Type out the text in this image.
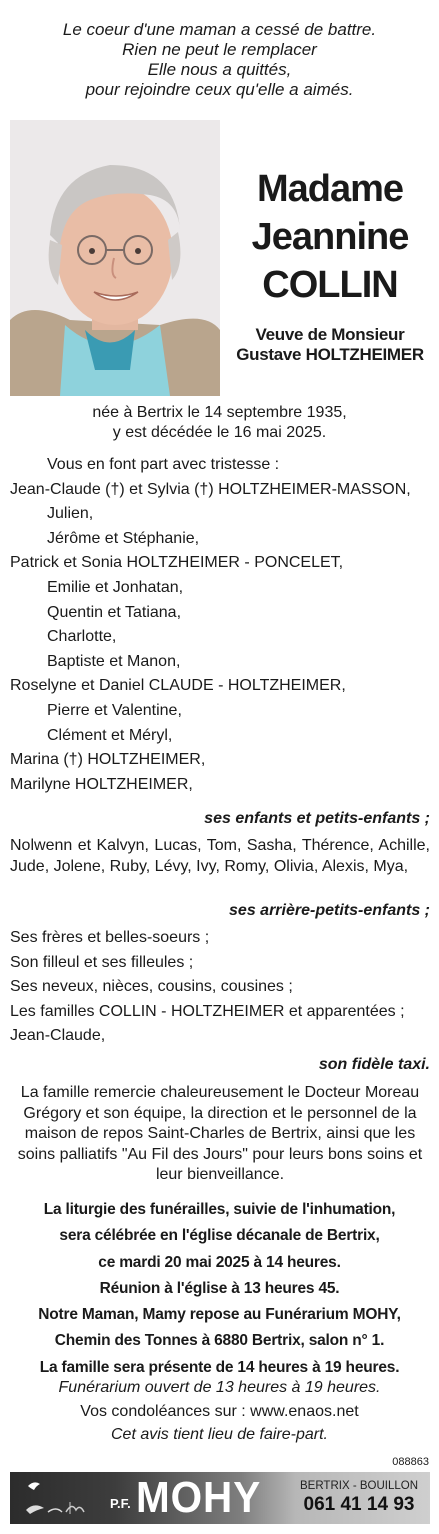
Le coeur d'une maman a cessé de battre.
Rien ne peut le remplacer
Elle nous a quittés,
pour rejoindre ceux qu'elle a aimés.
Madame
Jeannine
COLLIN
Veuve de Monsieur
Gustave HOLTZHEIMER
née à Bertrix le 14 septembre 1935,
y est décédée le 16 mai 2025.
Vous en font part avec tristesse :
Jean-Claude (†) et Sylvia (†) HOLTZHEIMER-MASSON,
Julien,
Jérôme et Stéphanie,
Patrick et Sonia HOLTZHEIMER - PONCELET,
Emilie et Jonhatan,
Quentin et Tatiana,
Charlotte,
Baptiste et Manon,
Roselyne et Daniel CLAUDE - HOLTZHEIMER,
Pierre et Valentine,
Clément et Méryl,
Marina (†) HOLTZHEIMER,
Marilyne HOLTZHEIMER,
ses enfants et petits-enfants ;
Nolwenn et Kalvyn, Lucas, Tom, Sasha, Thérence, Achille, Jude, Jolene, Ruby, Lévy, Ivy, Romy, Olivia, Alexis, Mya,
ses arrière-petits-enfants ;
Ses frères et belles-soeurs ;
Son filleul et ses filleules ;
Ses neveux, nièces, cousins, cousines ;
Les familles COLLIN - HOLTZHEIMER et apparentées ;
Jean-Claude,
son fidèle taxi.
La famille remercie chaleureusement le Docteur Moreau Grégory et son équipe, la direction et le personnel de la maison de repos Saint-Charles de Bertrix, ainsi que les soins palliatifs "Au Fil des Jours" pour leurs bons soins et leur bienveillance.
La liturgie des funérailles, suivie de l'inhumation,
sera célébrée en l'église décanale de Bertrix,
ce mardi 20 mai 2025 à 14 heures.
Réunion à l'église à 13 heures 45.
Notre Maman, Mamy repose au Funérarium MOHY,
Chemin des Tonnes à 6880 Bertrix, salon n° 1.
La famille sera présente de 14 heures à 19 heures.
Funérarium ouvert de 13 heures à 19 heures.
Vos condoléances sur : www.enaos.net
Cet avis tient lieu de faire-part.
088863
P.F. MOHY	BERTRIX - BOUILLON
061 41 14 93
